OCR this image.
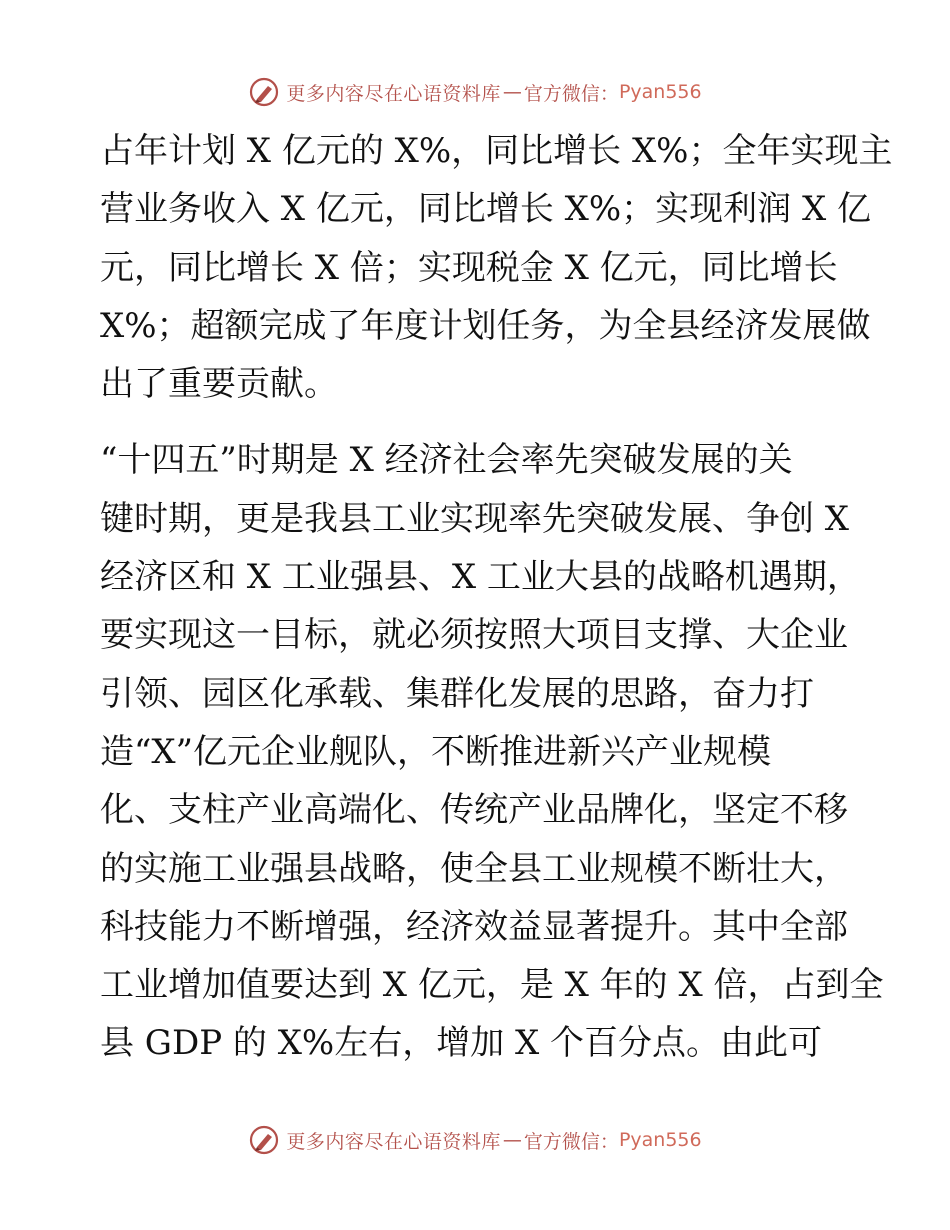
更多内容尽在心语资料库 — 官方微信： Pyan556
占年计划 X 亿元的 X%，同比增长 X%；全年实现主
营业务收入 X 亿元，同比增长 X%；实现利润 X 亿
元，同比增长 X 倍；实现税金 X 亿元，同比增长
X%；超额完成了年度计划任务，为全县经济发展做
出了重要贡献。
“十四五”时期是 X 经济社会率先突破发展的关
键时期，更是我县工业实现率先突破发展、争创 X
经济区和 X 工业强县、X 工业大县的战略机遇期，
要实现这一目标，就必须按照大项目支撑、大企业
引领、园区化承载、集群化发展的思路，奋力打
造“X”亿元企业舰队，不断推进新兴产业规模
化、支柱产业高端化、传统产业品牌化，坚定不移
的实施工业强县战略，使全县工业规模不断壮大，
科技能力不断增强，经济效益显著提升。其中全部
工业增加值要达到 X 亿元，是 X 年的 X 倍，占到全
县 GDP 的 X%左右，增加 X 个百分点。由此可
更多内容尽在心语资料库 — 官方微信： Pyan556
